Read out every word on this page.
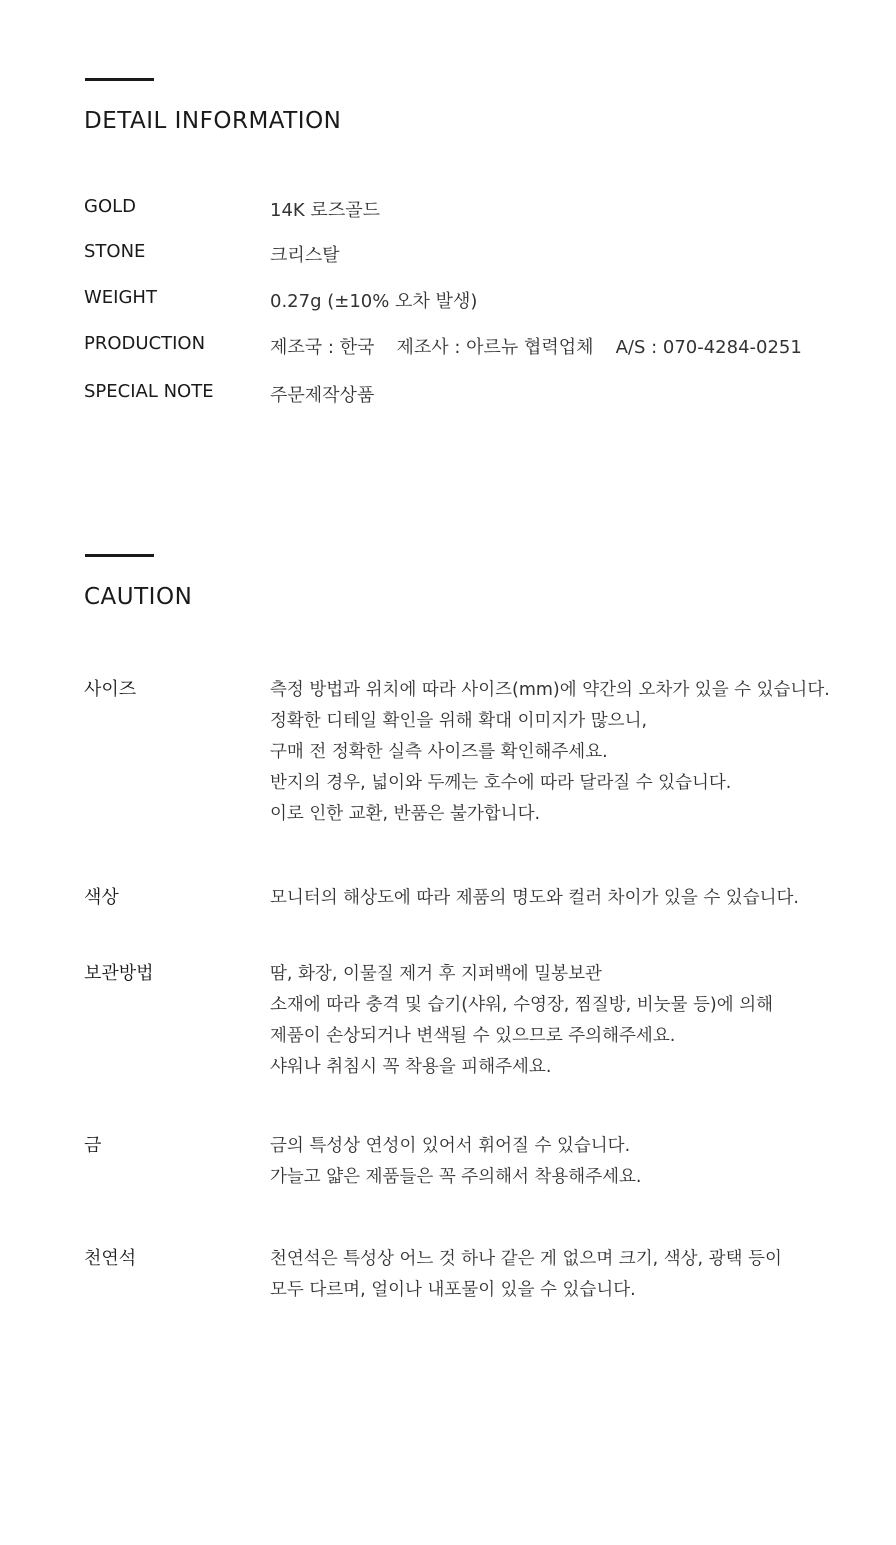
DETAIL INFORMATION
GOLD	14K 로즈골드
STONE	크리스탈
WEIGHT	0.27g (±10% 오차 발생)
PRODUCTION	제조국 : 한국 제조사 : 아르뉴 협력업체 A/S : 070-4284-0251
SPECIAL NOTE	주문제작상품
CAUTION
사이즈	측정 방법과 위치에 따라 사이즈(mm)에 약간의 오차가 있을 수 있습니다.
정확한 디테일 확인을 위해 확대 이미지가 많으니,
구매 전 정확한 실측 사이즈를 확인해주세요.
반지의 경우, 넓이와 두께는 호수에 따라 달라질 수 있습니다.
이로 인한 교환, 반품은 불가합니다.
색상	모니터의 해상도에 따라 제품의 명도와 컬러 차이가 있을 수 있습니다.
보관방법	땀, 화장, 이물질 제거 후 지퍼백에 밀봉보관
소재에 따라 충격 및 습기(샤워, 수영장, 찜질방, 비눗물 등)에 의해
제품이 손상되거나 변색될 수 있으므로 주의해주세요.
샤워나 취침시 꼭 착용을 피해주세요.
금	금의 특성상 연성이 있어서 휘어질 수 있습니다.
가늘고 얇은 제품들은 꼭 주의해서 착용해주세요.
천연석	천연석은 특성상 어느 것 하나 같은 게 없으며 크기, 색상, 광택 등이
모두 다르며, 얼이나 내포물이 있을 수 있습니다.
